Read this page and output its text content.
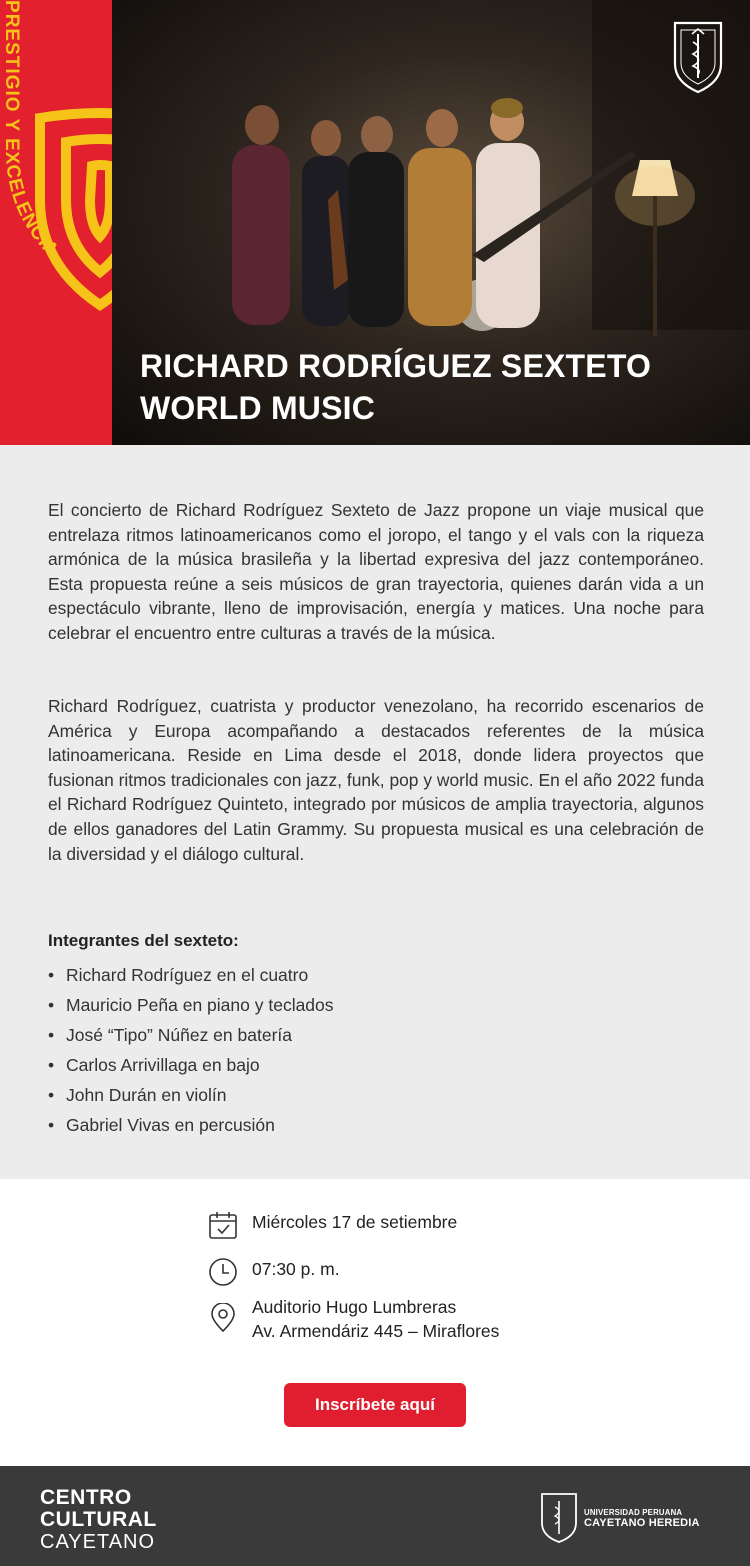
PRESTIGIO Y EXCELENCIA
RICHARD RODRÍGUEZ SEXTETO
WORLD MUSIC

El concierto de Richard Rodríguez Sexteto de Jazz propone un viaje musical que entrelaza ritmos latinoamericanos como el joropo, el tango y el vals con la riqueza armónica de la música brasileña y la libertad expresiva del jazz contemporáneo. Esta propuesta reúne a seis músicos de gran trayectoria, quienes darán vida a un espectáculo vibrante, lleno de improvisación, energía y matices. Una noche para celebrar el encuentro entre culturas a través de la música.

Richard Rodríguez, cuatrista y productor venezolano, ha recorrido escenarios de América y Europa acompañando a destacados referentes de la música latinoamericana. Reside en Lima desde el 2018, donde lidera proyectos que fusionan ritmos tradicionales con jazz, funk, pop y world music. En el año 2022 funda el Richard Rodríguez Quinteto, integrado por músicos de amplia trayectoria, algunos de ellos ganadores del Latin Grammy. Su propuesta musical es una celebración de la diversidad y el diálogo cultural.

Integrantes del sexteto:
• Richard Rodríguez en el cuatro
• Mauricio Peña en piano y teclados
• José “Tipo” Núñez en batería
• Carlos Arrivillaga en bajo
• John Durán en violín
• Gabriel Vivas en percusión
Miércoles 17 de setiembre
07:30 p. m.
Auditorio Hugo Lumbreras
Av. Armendáriz 445 – Miraflores
Inscríbete aquí
CENTRO
CULTURAL
CAYETANO
UNIVERSIDAD PERUANA
CAYETANO HEREDIA
